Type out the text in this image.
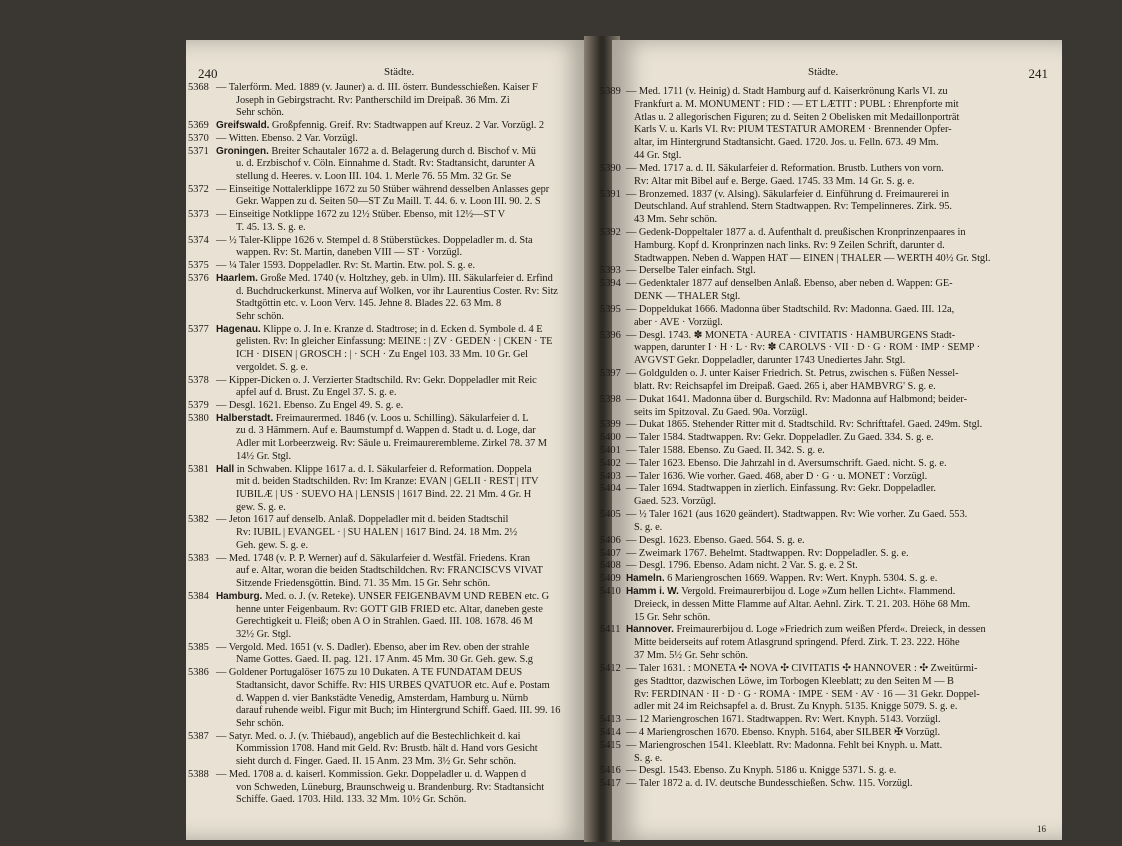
240	Städte.
5368 — Talerförm. Med. 1889 (v. Jauner) a. d. III. österr. Bundesschießen. Kaiser F
Joseph in Gebirgstracht. Rv: Pantherschild im Dreipaß. 36 Mm. Zi
Sehr schön.
5369 Greifswald. Großpfennig. Greif. Rv: Stadtwappen auf Kreuz. 2 Var. Vorzügl. 2
5370 — Witten. Ebenso. 2 Var. Vorzügl.
5371 Groningen. Breiter Schautaler 1672 a. d. Belagerung durch d. Bischof v. Mü
u. d. Erzbischof v. Cöln. Einnahme d. Stadt. Rv: Stadtansicht, darunter A
stellung d. Heeres. v. Loon III. 104. 1. Merle 76. 55 Mm. 32 Gr. Se
5372 — Einseitige Nottalerklippe 1672 zu 50 Stüber während desselben Anlasses gepr
Gekr. Wappen zu d. Seiten 50—ST Zu Maill. T. 44. 6. v. Loon III. 90. 2. S
5373 — Einseitige Notklippe 1672 zu 12½ Stüber. Ebenso, mit 12½—ST V
T. 45. 13. S. g. e.
5374 — ½ Taler-Klippe 1626 v. Stempel d. 8 Stüberstückes. Doppeladler m. d. Sta
wappen. Rv: St. Martin, daneben VIII — ST · Vorzügl.
5375 — ¼ Taler 1593. Doppeladler. Rv: St. Martin. Etw. pol. S. g. e.
5376 Haarlem. Große Med. 1740 (v. Holtzhey, geb. in Ulm). III. Säkularfeier d. Erfind
d. Buchdruckerkunst. Minerva auf Wolken, vor ihr Laurentius Coster. Rv: Sitz
Stadtgöttin etc. v. Loon Verv. 145. Jehne 8. Blades 22. 63 Mm. 8
Sehr schön.
5377 Hagenau. Klippe o. J. In e. Kranze d. Stadtrose; in d. Ecken d. Symbole d. 4 E
gelisten. Rv: In gleicher Einfassung: MEINE : | ZV · GEDEN · | CKEN · TE
ICH · DISEN | GROSCH : | · SCH · Zu Engel 103. 33 Mm. 10 Gr. Gel
vergoldet. S. g. e.
5378 — Kipper-Dicken o. J. Verzierter Stadtschild. Rv: Gekr. Doppeladler mit Reic
apfel auf d. Brust. Zu Engel 37. S. g. e.
5379 — Desgl. 1621. Ebenso. Zu Engel 49. S. g. e.
5380 Halberstadt. Freimaurermed. 1846 (v. Loos u. Schilling). Säkularfeier d. L
zu d. 3 Hämmern. Auf e. Baumstumpf d. Wappen d. Stadt u. d. Loge, dar
Adler mit Lorbeerzweig. Rv: Säule u. Freimaurerembleme. Zirkel 78. 37 M
14½ Gr. Stgl.
5381 Hall in Schwaben. Klippe 1617 a. d. I. Säkularfeier d. Reformation. Doppela
mit d. beiden Stadtschilden. Rv: Im Kranze: EVAN | GELII · REST | ITV
IUBILÆ | US · SUEVO HA | LENSIS | 1617 Bind. 22. 21 Mm. 4 Gr. H
gew. S. g. e.
5382 — Jeton 1617 auf denselb. Anlaß. Doppeladler mit d. beiden Stadtschil
Rv: IUBIL | EVANGEL · | SU HALEN | 1617 Bind. 24. 18 Mm. 2½
Geh. gew. S. g. e.
5383 — Med. 1748 (v. P. P. Werner) auf d. Säkularfeier d. Westfäl. Friedens. Kran
auf e. Altar, woran die beiden Stadtschildchen. Rv: FRANCISCVS VIVAT
Sitzende Friedensgöttin. Bind. 71. 35 Mm. 15 Gr. Sehr schön.
5384 Hamburg. Med. o. J. (v. Reteke). UNSER FEIGENBAVM UND REBEN etc. G
henne unter Feigenbaum. Rv: GOTT GIB FRIED etc. Altar, daneben geste
Gerechtigkeit u. Fleiß; oben A O in Strahlen. Gaed. III. 108. 1678. 46 M
32½ Gr. Stgl.
5385 — Vergold. Med. 1651 (v. S. Dadler). Ebenso, aber im Rev. oben der strahle
Name Gottes. Gaed. II. pag. 121. 17 Anm. 45 Mm. 30 Gr. Geh. gew. S.g
5386 — Goldener Portugalöser 1675 zu 10 Dukaten. A TE FUNDATAM DEUS
Stadtansicht, davor Schiffe. Rv: HIS URBES QVATUOR etc. Auf e. Postam
d. Wappen d. vier Bankstädte Venedig, Amsterdam, Hamburg u. Nürnb
darauf ruhende weibl. Figur mit Buch; im Hintergrund Schiff. Gaed. III. 99. 16
Sehr schön.
5387 — Satyr. Med. o. J. (v. Thiébaud), angeblich auf die Bestechlichkeit d. kai
Kommission 1708. Hand mit Geld. Rv: Brustb. hält d. Hand vors Gesicht
sieht durch d. Finger. Gaed. II. 15 Anm. 23 Mm. 3½ Gr. Sehr schön.
5388 — Med. 1708 a. d. kaiserl. Kommission. Gekr. Doppeladler u. d. Wappen d
von Schweden, Lüneburg, Braunschweig u. Brandenburg. Rv: Stadtansicht
Schiffe. Gaed. 1703. Hild. 133. 32 Mm. 10½ Gr. Schön.
Städte.	241
5389 — Med. 1711 (v. Heinig) d. Stadt Hamburg auf d. Kaiserkrönung Karls VI. zu
Frankfurt a. M. MONUMENT : FID : — ET LÆTIT : PUBL : Ehrenpforte mit
Atlas u. 2 allegorischen Figuren; zu d. Seiten 2 Obelisken mit Medaillonporträt
Karls V. u. Karls VI. Rv: PIUM TESTATUR AMOREM · Brennender Opfer-
altar, im Hintergrund Stadtansicht. Gaed. 1720. Jos. u. Felln. 673. 49 Mm.
44 Gr. Stgl.
5390 — Med. 1717 a. d. II. Säkularfeier d. Reformation. Brustb. Luthers von vorn.
Rv: Altar mit Bibel auf e. Berge. Gaed. 1745. 33 Mm. 14 Gr. S. g. e.
5391 — Bronzemed. 1837 (v. Alsing). Säkularfeier d. Einführung d. Freimaurerei in
Deutschland. Auf strahlend. Stern Stadtwappen. Rv: Tempelinneres. Zirk. 95.
43 Mm. Sehr schön.
5392 — Gedenk-Doppeltaler 1877 a. d. Aufenthalt d. preußischen Kronprinzenpaares in
Hamburg. Kopf d. Kronprinzen nach links. Rv: 9 Zeilen Schrift, darunter d.
Stadtwappen. Neben d. Wappen HAT — EINEN | THALER — WERTH 40½ Gr. Stgl.
5393 — Derselbe Taler einfach. Stgl.
5394 — Gedenktaler 1877 auf denselben Anlaß. Ebenso, aber neben d. Wappen: GE-
DENK — THALER Stgl.
5395 — Doppeldukat 1666. Madonna über Stadtschild. Rv: Madonna. Gaed. III. 12a,
aber · AVE · Vorzügl.
5396 — Desgl. 1743. ✽ MONETA · AUREA · CIVITATIS · HAMBURGENS Stadt-
wappen, darunter I · H · L · Rv: ✽ CAROLVS · VII · D · G · ROM · IMP · SEMP ·
AVGVST Gekr. Doppeladler, darunter 1743 Unediertes Jahr. Stgl.
5397 — Goldgulden o. J. unter Kaiser Friedrich. St. Petrus, zwischen s. Füßen Nessel-
blatt. Rv: Reichsapfel im Dreipaß. Gaed. 265 i, aber HAMBVRG' S. g. e.
5398 — Dukat 1641. Madonna über d. Burgschild. Rv: Madonna auf Halbmond; beider-
seits im Spitzoval. Zu Gaed. 90a. Vorzügl.
5399 — Dukat 1865. Stehender Ritter mit d. Stadtschild. Rv: Schrifttafel. Gaed. 249m. Stgl.
5400 — Taler 1584. Stadtwappen. Rv: Gekr. Doppeladler. Zu Gaed. 334. S. g. e.
5401 — Taler 1588. Ebenso. Zu Gaed. II. 342. S. g. e.
5402 — Taler 1623. Ebenso. Die Jahrzahl in d. Aversumschrift. Gaed. nicht. S. g. e.
5403 — Taler 1636. Wie vorher. Gaed. 468, aber D · G · u. MONET : Vorzügl.
5404 — Taler 1694. Stadtwappen in zierlich. Einfassung. Rv: Gekr. Doppeladler.
Gaed. 523. Vorzügl.
5405 — ½ Taler 1621 (aus 1620 geändert). Stadtwappen. Rv: Wie vorher. Zu Gaed. 553.
S. g. e.
5406 — Desgl. 1623. Ebenso. Gaed. 564. S. g. e.
5407 — Zweimark 1767. Behelmt. Stadtwappen. Rv: Doppeladler. S. g. e.
5408 — Desgl. 1796. Ebenso. Adam nicht. 2 Var. S. g. e. 2 St.
5409 Hameln. 6 Mariengroschen 1669. Wappen. Rv: Wert. Knyph. 5304. S. g. e.
5410 Hamm i. W. Vergold. Freimaurerbijou d. Loge »Zum hellen Licht«. Flammend.
Dreieck, in dessen Mitte Flamme auf Altar. Aehnl. Zirk. T. 21. 203. Höhe 68 Mm.
15 Gr. Sehr schön.
5411 Hannover. Freimaurerbijou d. Loge »Friedrich zum weißen Pferd«. Dreieck, in dessen
Mitte beiderseits auf rotem Atlasgrund springend. Pferd. Zirk. T. 23. 222. Höhe
37 Mm. 5½ Gr. Sehr schön.
5412 — Taler 1631. : MONETA ✣ NOVA ✣ CIVITATIS ✣ HANNOVER : ✣ Zweitürmi-
ges Stadttor, dazwischen Löwe, im Torbogen Kleeblatt; zu den Seiten M — B
Rv: FERDINAN · II · D · G · ROMA · IMPE · SEM · AV · 16 — 31 Gekr. Doppel-
adler mit 24 im Reichsapfel a. d. Brust. Zu Knyph. 5135. Knigge 5079. S. g. e.
5413 — 12 Mariengroschen 1671. Stadtwappen. Rv: Wert. Knyph. 5143. Vorzügl.
5414 — 4 Mariengroschen 1670. Ebenso. Knyph. 5164, aber SILBER ✠ Vorzügl.
5415 — Mariengroschen 1541. Kleeblatt. Rv: Madonna. Fehlt bei Knyph. u. Matt.
S. g. e.
5416 — Desgl. 1543. Ebenso. Zu Knyph. 5186 u. Knigge 5371. S. g. e.
5417 — Taler 1872 a. d. IV. deutsche Bundesschießen. Schw. 115. Vorzügl.
16
